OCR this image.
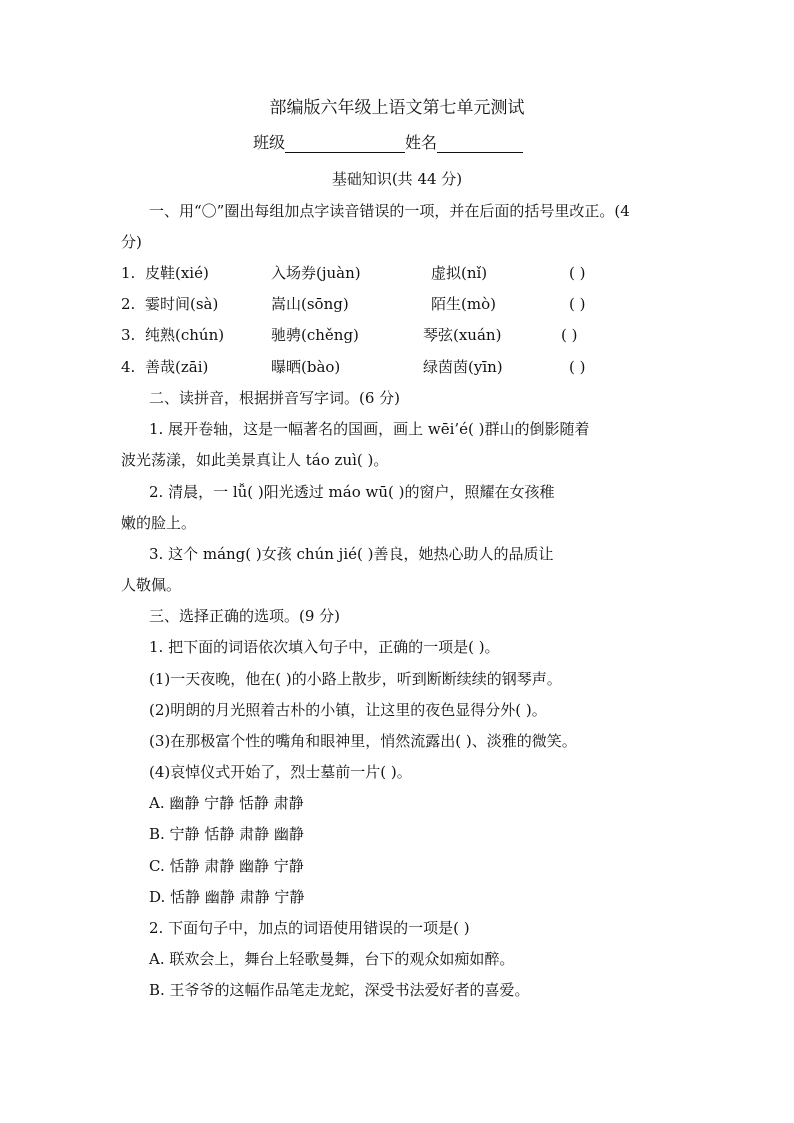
部编版六年级上语文第七单元测试
班级	姓名
基础知识(共 44 分)
一、用“〇”圈出每组加点字读音错误的一项，并在后面的括号里改正。(4
分)
1. 皮鞋(xié)	入场券(juàn)	虚拟(nǐ)	( )
2. 霎时间(sà)	嵩山(sōng)	陌生(mò)	( )
3. 纯熟(chún)	驰骋(chěng)	琴弦(xuán)	( )
4. 善哉(zāi)	曝晒(bào)	绿茵茵(yīn)	( )
二、读拼音，根据拼音写字词。(6 分)
1. 展开卷轴，这是一幅著名的国画，画上 wēi’é( )群山的倒影随着
波光荡漾，如此美景真让人 táo zuì( )。
2. 清晨，一 lǚ( )阳光透过 máo wū( )的窗户，照耀在女孩稚
嫩的脸上。
3. 这个 máng( )女孩 chún jié( )善良，她热心助人的品质让
人敬佩。
三、选择正确的选项。(9 分)
1. 把下面的词语依次填入句子中，正确的一项是( )。
(1)一天夜晚，他在( )的小路上散步，听到断断续续的钢琴声。
(2)明朗的月光照着古朴的小镇，让这里的夜色显得分外( )。
(3)在那极富个性的嘴角和眼神里，悄然流露出( )、淡雅的微笑。
(4)哀悼仪式开始了，烈士墓前一片( )。
A. 幽静 宁静 恬静 肃静
B. 宁静 恬静 肃静 幽静
C. 恬静 肃静 幽静 宁静
D. 恬静 幽静 肃静 宁静
2. 下面句子中，加点的词语使用错误的一项是( )
A. 联欢会上，舞台上轻歌曼舞，台下的观众如痴如醉。
B. 王爷爷的这幅作品笔走龙蛇，深受书法爱好者的喜爱。
